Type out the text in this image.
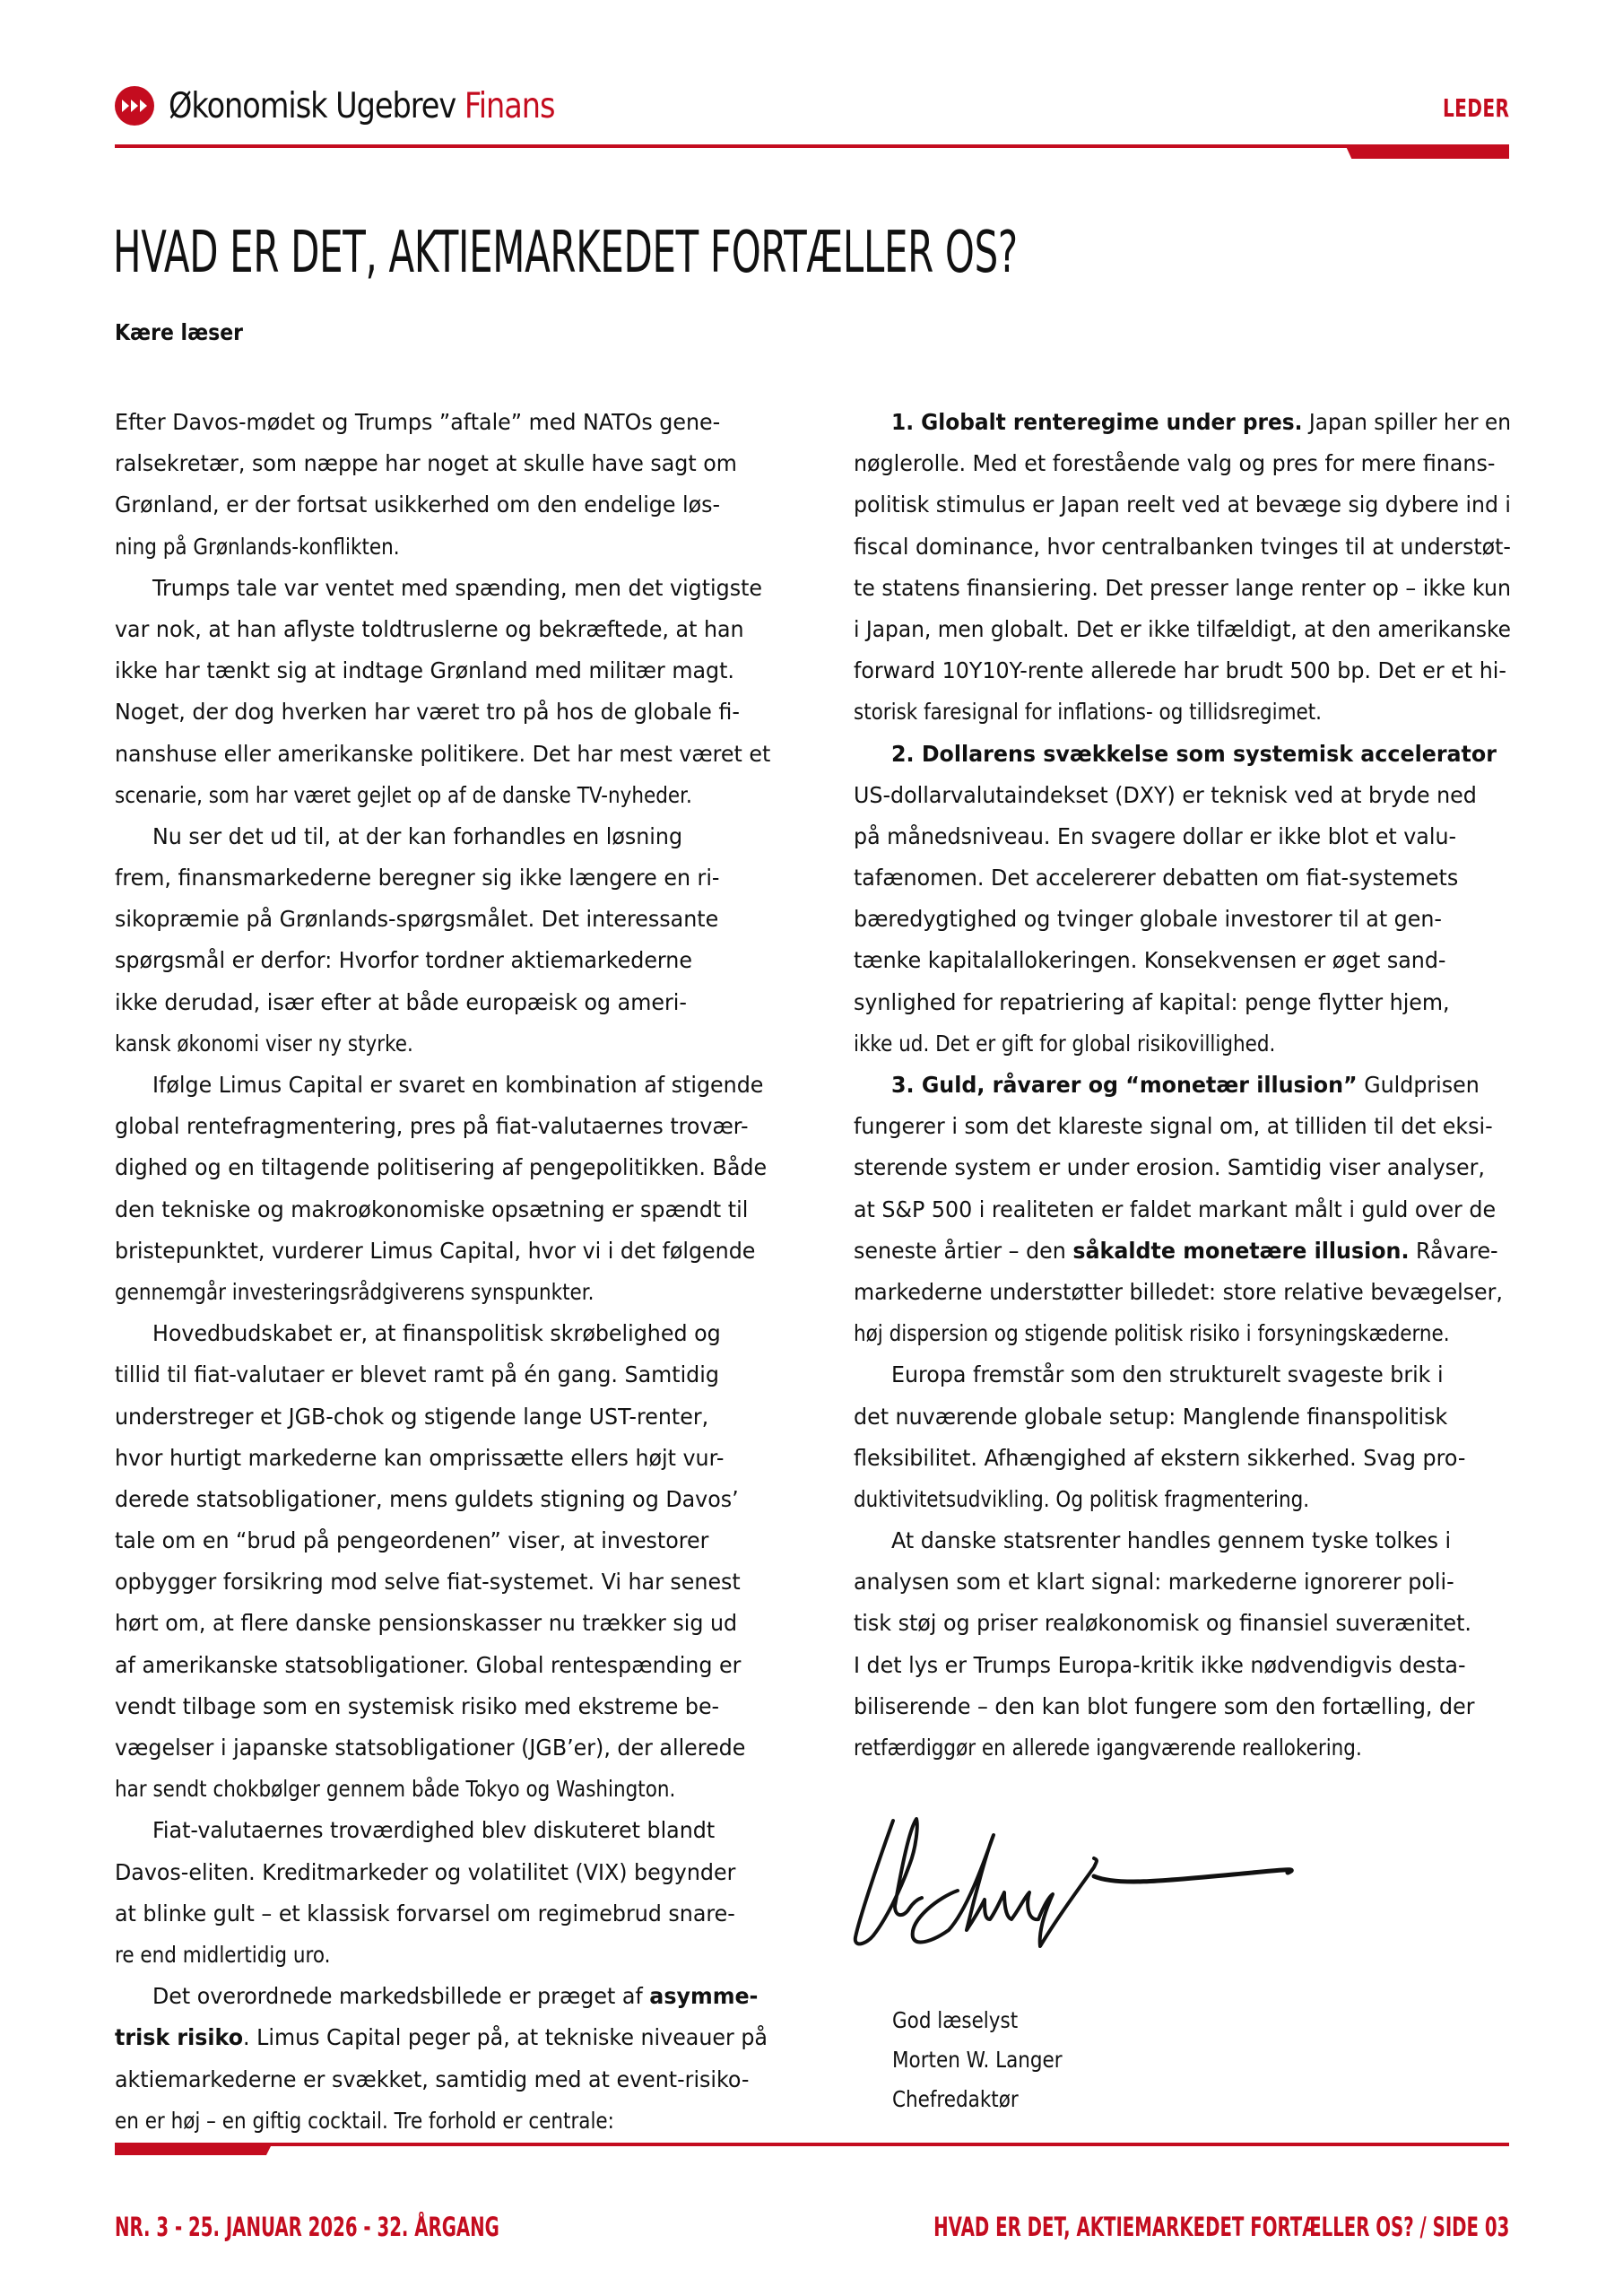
Økonomisk Ugebrev Finans	LEDER
HVAD ER DET, AKTIEMARKEDET FORTÆLLER OS?
Kære læser
Efter Davos-mødet og Trumps ”aftale” med NATOs gene-
ralsekretær, som næppe har noget at skulle have sagt om
Grønland, er der fortsat usikkerhed om den endelige løs-
ning på Grønlands-konflikten.
Trumps tale var ventet med spænding, men det vigtigste
var nok, at han aflyste toldtruslerne og bekræftede, at han
ikke har tænkt sig at indtage Grønland med militær magt.
Noget, der dog hverken har været tro på hos de globale fi-
nanshuse eller amerikanske politikere. Det har mest været et
scenarie, som har været gejlet op af de danske TV-nyheder.
Nu ser det ud til, at der kan forhandles en løsning
frem, finansmarkederne beregner sig ikke længere en ri-
sikopræmie på Grønlands-spørgsmålet. Det interessante
spørgsmål er derfor: Hvorfor tordner aktiemarkederne
ikke derudad, især efter at både europæisk og ameri-
kansk økonomi viser ny styrke.
Ifølge Limus Capital er svaret en kombination af stigende
global rentefragmentering, pres på fiat-valutaernes trovær-
dighed og en tiltagende politisering af pengepolitikken. Både
den tekniske og makroøkonomiske opsætning er spændt til
bristepunktet, vurderer Limus Capital, hvor vi i det følgende
gennemgår investeringsrådgiverens synspunkter.
Hovedbudskabet er, at finanspolitisk skrøbelighed og
tillid til fiat-valutaer er blevet ramt på én gang. Samtidig
understreger et JGB-chok og stigende lange UST-renter,
hvor hurtigt markederne kan omprissætte ellers højt vur-
derede statsobligationer, mens guldets stigning og Davos’
tale om en “brud på pengeordenen” viser, at investorer
opbygger forsikring mod selve fiat-systemet. Vi har senest
hørt om, at flere danske pensionskasser nu trækker sig ud
af amerikanske statsobligationer. Global rentespænding er
vendt tilbage som en systemisk risiko med ekstreme be-
vægelser i japanske statsobligationer (JGB’er), der allerede
har sendt chokbølger gennem både Tokyo og Washington.
Fiat-valutaernes troværdighed blev diskuteret blandt
Davos-eliten. Kreditmarkeder og volatilitet (VIX) begynder
at blinke gult – et klassisk forvarsel om regimebrud snare-
re end midlertidig uro.
Det overordnede markedsbillede er præget af asymme-
trisk risiko. Limus Capital peger på, at tekniske niveauer på
aktiemarkederne er svækket, samtidig med at event-risiko-
en er høj – en giftig cocktail. Tre forhold er centrale:
1. Globalt renteregime under pres. Japan spiller her en
nøglerolle. Med et forestående valg og pres for mere finans-
politisk stimulus er Japan reelt ved at bevæge sig dybere ind i
fiscal dominance, hvor centralbanken tvinges til at understøt-
te statens finansiering. Det presser lange renter op – ikke kun
i Japan, men globalt. Det er ikke tilfældigt, at den amerikanske
forward 10Y10Y-rente allerede har brudt 500 bp. Det er et hi-
storisk faresignal for inflations- og tillidsregimet.
2. Dollarens svækkelse som systemisk accelerator
US-dollarvalutaindekset (DXY) er teknisk ved at bryde ned
på månedsniveau. En svagere dollar er ikke blot et valu-
tafænomen. Det accelererer debatten om fiat-systemets
bæredygtighed og tvinger globale investorer til at gen-
tænke kapitalallokeringen. Konsekvensen er øget sand-
synlighed for repatriering af kapital: penge flytter hjem,
ikke ud. Det er gift for global risikovillighed.
3. Guld, råvarer og “monetær illusion” Guldprisen
fungerer i som det klareste signal om, at tilliden til det eksi-
sterende system er under erosion. Samtidig viser analyser,
at S&P 500 i realiteten er faldet markant målt i guld over de
seneste årtier – den såkaldte monetære illusion. Råvare-
markederne understøtter billedet: store relative bevægelser,
høj dispersion og stigende politisk risiko i forsyningskæderne.
Europa fremstår som den strukturelt svageste brik i
det nuværende globale setup: Manglende finanspolitisk
fleksibilitet. Afhængighed af ekstern sikkerhed. Svag pro-
duktivitetsudvikling. Og politisk fragmentering.
At danske statsrenter handles gennem tyske tolkes i
analysen som et klart signal: markederne ignorerer poli-
tisk støj og priser realøkonomisk og finansiel suverænitet.
I det lys er Trumps Europa-kritik ikke nødvendigvis desta-
biliserende – den kan blot fungere som den fortælling, der
retfærdiggør en allerede igangværende reallokering.
God læselyst
Morten W. Langer
Chefredaktør
NR. 3 - 25. JANUAR 2026 - 32. ÅRGANG	HVAD ER DET, AKTIEMARKEDET FORTÆLLER OS? / SIDE 03
